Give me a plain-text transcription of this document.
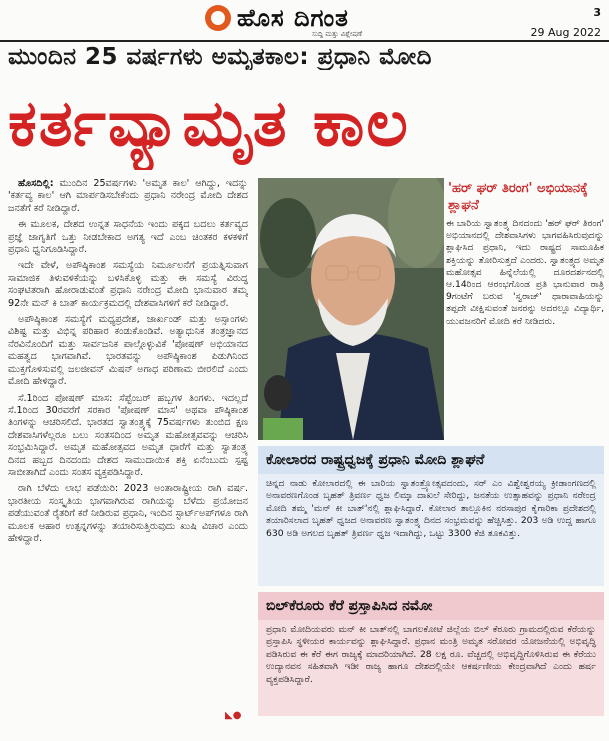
ಹೊಸ ದಿಗಂತ
ಸುದ್ದಿ ಮತ್ತು ವಿಶ್ಲೇಷಣೆ
3
29 Aug 2022
ಮುಂದಿನ 25 ವರ್ಷಗಳು ಅಮೃತಕಾಲ: ಪ್ರಧಾನಿ ಮೋದಿ
ಕರ್ತವ್ಯಾಮೃತ ಕಾಲ

ಹೊಸದಿಲ್ಲಿ: ಮುಂದಿನ 25ವರ್ಷಗಳು 'ಅಮೃತ ಕಾಲ' ಆಗಿದ್ದು, ಇದನ್ನು 'ಕರ್ತವ್ಯ ಕಾಲ' ಆಗಿ ಮಾರ್ಪಡಿಸಬೇಕೆಂದು ಪ್ರಧಾನಿ ನರೇಂದ್ರ ಮೋದಿ ದೇಶದ ಜನತೆಗೆ ಕರೆ ನೀಡಿದ್ದಾರೆ.

ಈ ಮೂಲಕ, ದೇಶದ ಉನ್ನತ ಸಾಧನೆಯ ಇಂದು ಪಕ್ಕದ ಬದಲು ಕರ್ತವ್ಯದ ಪ್ರಜ್ಞೆ ಜಾಗೃತಿಗೆ ಒತ್ತು ನೀಡಬೇಕಾದ ಅಗತ್ಯ ಇದೆ ಎಂಬ ಚಿಂತಕರ ಕಳಕಳಿಗೆ ಪ್ರಧಾನಿ ಧ್ವನಿಗೂಡಿಸಿದ್ದಾರೆ.

ಇದೇ ವೇಳೆ, ಅಪೌಷ್ಠಿಕಾಂಶ ಸಮಸ್ಯೆಯ ನಿರ್ಮೂಲನೆಗೆ ಪ್ರಯತ್ನಿಸುವಾಗ ಸಾಮಾಜಿಕ ತಿಳುವಳಿಕೆಯನ್ನು ಬಳಸಿಕೊಳ್ಳಿ ಮತ್ತು ಈ ಸಮಸ್ಯೆ ವಿರುದ್ಧ ಸಂಘಟಿತರಾಗಿ ಹೋರಾಡುವಂತೆ ಪ್ರಧಾನಿ ನರೇಂದ್ರ ಮೋದಿ ಭಾನುವಾರ ತಮ್ಮ 92ನೇ ಮನ್ ಕಿ ಬಾತ್ ಕಾರ್ಯಕ್ರಮದಲ್ಲಿ ದೇಶವಾಸಿಗಳಿಗೆ ಕರೆ ನೀಡಿದ್ದಾರೆ.

ಅಪೌಷ್ಠಿಕಾಂಶ ಸಮಸ್ಯೆಗೆ ಮಧ್ಯಪ್ರದೇಶ, ಜಾರ್ಖಂಡ್ ಮತ್ತು ಅಸ್ಸಾಂಗಳು ವಿಶಿಷ್ಟ ಮತ್ತು ವಿಭಿನ್ನ ಪರಿಹಾರ ಕಂಡುಕೊಂಡಿವೆ. ಅತ್ಯಾಧುನಿಕ ತಂತ್ರಜ್ಞಾನದ ನೆರವಿನೊಂದಿಗೆ ಮತ್ತು ಸಾರ್ವಜನಿಕ ಪಾಲ್ಗೊಳ್ಳುವಿಕೆ 'ಪೋಷಣ್ ಅಭಿಯಾನದ ಮಹತ್ವದ ಭಾಗವಾಗಿವೆ. ಭಾರತವನ್ನು ಅಪೌಷ್ಠಿಕಾಂಶ ಪಿಡುಗಿನಿಂದ ಮುಕ್ತಗೊಳಿಸುವಲ್ಲಿ ಜಲಜೀವನ್ ಮಿಷನ್ ಅಗಾಧ ಪರಿಣಾಮ ಬೀರಲಿದೆ ಎಂದು ಮೋದಿ ಹೇಳಿದ್ದಾರೆ.

ಸೆ.1ರಿಂದ ಪೋಷಣ್ ಮಾಸ: ಸೆಪ್ಟೆಂಬರ್ ಹಬ್ಬಗಳ ತಿಂಗಳು. ಇದಲ್ಲದೆ ಸೆ.1ರಿಂದ 30ರವರೆಗೆ ಸರಕಾರ 'ಪೋಷಣ್ ಮಾಸ' ಅಥವಾ ಪೌಷ್ಠಿಕಾಂಶ ತಿಂಗಳನ್ನು ಆಚರಿಸಲಿದೆ. ಭಾರತದ ಸ್ವಾತಂತ್ರ್ಯಕ್ಕೆ 75ವರ್ಷಗಳು ತುಂಬಿದ ಕ್ಷಣ ದೇಶವಾಸಿಗಳೆಲ್ಲರೂ ಬಲು ಸಂತಸದಿಂದ ಅಮೃತ ಮಹೋತ್ಸವವನ್ನು ಆಚರಿಸಿ ಸಂಭ್ರಮಿಸಿದ್ದಾರೆ. ಅಮೃತ ಮಹೋತ್ಸವದ ಅಮೃತ ಧಾರೆಗೆ ಮತ್ತು ಸ್ವಾತಂತ್ರ್ಯ ದಿನದ ಹಬ್ಬದ ದಿನದಂದು ದೇಶದ ಸಾಮುದಾಯಿಕ ಶಕ್ತಿ ಏನೆಂಬುದು ಸ್ಪಷ್ಟ ಸಾಬೀತಾಗಿದೆ ಎಂದು ಸಂತಸ ವ್ಯಕ್ತಪಡಿಸಿದ್ದಾರೆ.

ರಾಗಿ ಬೆಳೆದು ಲಾಭ ಪಡೆಯಿರಿ: 2023 ಅಂತಾರಾಷ್ಟ್ರೀಯ ರಾಗಿ ವರ್ಷ. ಭಾರತೀಯ ಸಂಸ್ಕೃತಿಯ ಭಾಗವಾಗಿರುವ ರಾಗಿಯನ್ನು ಬೆಳೆದು ಪ್ರಯೋಜನ ಪಡೆಯುವಂತೆ ರೈತರಿಗೆ ಕರೆ ನೀಡಿರುವ ಪ್ರಧಾನಿ, ಇಂದಿನ ಸ್ಟಾರ್ಟ್‌ಅಪ್‌ಗಳೂ ರಾಗಿ ಮೂಲಕ ಆಹಾರ ಉತ್ಪನ್ನಗಳನ್ನು ತಯಾರಿಸುತ್ತಿರುವುದು ಖುಷಿ ವಿಚಾರ ಎಂದು ಹೇಳಿದ್ದಾರೆ.

◣●
'ಹರ್ ಘರ್ ತಿರಂಗ' ಅಭಿಯಾನಕ್ಕೆ ಶ್ಲಾಘನೆ
ಈ ಬಾರಿಯ ಸ್ವಾತಂತ್ರ್ಯ ದಿನದಂದು 'ಹರ್ ಘರ್ ತಿರಂಗ' ಅಭಿಯಾನದಲ್ಲಿ ದೇಶವಾಸಿಗಳು ಭಾಗವಹಿಸಿರುವುದನ್ನು ಶ್ಲಾಘಿಸಿದ ಪ್ರಧಾನಿ, ಇದು ರಾಷ್ಟ್ರದ ಸಾಮೂಹಿಕ ಶಕ್ತಿಯನ್ನು ತೋರಿಸುತ್ತದೆ ಎಂದರು. ಸ್ವಾತಂತ್ರ್ಯದ ಅಮೃತ ಮಹೋತ್ಸವ ಹಿನ್ನೆಲೆಯಲ್ಲಿ ದೂರದರ್ಶನದಲ್ಲಿ ಆ.14ರಿಂದ ಆರಂಭಗೊಂಡ ಪ್ರತಿ ಭಾನುವಾರ ರಾತ್ರಿ 9ಗಂಟೆಗೆ ಬರುವ 'ಸ್ವರಾಜ್' ಧಾರಾವಾಹಿಯನ್ನು ತಪ್ಪದೇ ವೀಕ್ಷಿಸುವಂತೆ ಜನರನ್ನು ಅದರಲ್ಲೂ ವಿದ್ಯಾರ್ಥಿ, ಯುವಜನರಿಗೆ ಮೋದಿ ಕರೆ ನೀಡಿದರು.
ಕೋಲಾರದ ರಾಷ್ಟ್ರಧ್ವಜಕ್ಕೆ ಪ್ರಧಾನಿ ಮೋದಿ ಶ್ಲಾಘನೆ
ಚಿನ್ನದ ನಾಡು ಕೋಲಾರದಲ್ಲಿ ಈ ಬಾರಿಯ ಸ್ವಾತಂತ್ರ್ಯೋತ್ಸವದಂದು, ಸರ್ ಎಂ ವಿಶ್ವೇಶ್ವರಯ್ಯ ಕ್ರೀಡಾಂಗಣದಲ್ಲಿ ಅನಾವರಣಗೊಂಡ ಬೃಹತ್ ತ್ರಿವರ್ಣ ಧ್ವಜ ಲಿಮ್ಕಾ ದಾಖಲೆ ಸೇರಿದ್ದು, ಜನತೆಯ ಉತ್ಸಾಹವನ್ನು ಪ್ರಧಾನಿ ನರೇಂದ್ರ ಮೋದಿ ತಮ್ಮ 'ಮನ್ ಕೀ ಬಾತ್'ನಲ್ಲಿ ಶ್ಲಾಘಿಸಿದ್ದಾರೆ. ಕೋಲಾರ ತಾಲ್ಲೂಕಿನ ನರಸಾಪುರ ಕೈಗಾರಿಕಾ ಪ್ರದೇಶದಲ್ಲಿ ತಯಾರಿಸಲಾದ ಬೃಹತ್ ಧ್ವಜದ ಅನಾವರಣ ಸ್ವಾತಂತ್ರ್ಯ ದಿನದ ಸಂಭ್ರಮವನ್ನು ಹೆಚ್ಚಿಸಿತ್ತು. 203 ಅಡಿ ಉದ್ದ ಹಾಗೂ 630 ಅಡಿ ಅಗಲದ ಬೃಹತ್ ತ್ರಿವರ್ಣ ಧ್ವಜ ಇದಾಗಿದ್ದು, ಒಟ್ಟು 3300 ಕೆಜಿ ತೂಕವಿತ್ತು.
ಬಿಲ್‌ಕೆರೂರು ಕೆರೆ ಪ್ರಸ್ತಾಪಿಸಿದ ನಮೋ
ಪ್ರಧಾನಿ ಮೋದಿಯವರು ಮನ್ ಕೀ ಬಾತ್‌ನಲ್ಲಿ ಬಾಗಲಕೋಟೆ ಜಿಲ್ಲೆಯ ಬಿಲ್ ಕೆರೂರು ಗ್ರಾಮದಲ್ಲಿರುವ ಕೆರೆಯನ್ನು ಪ್ರಸ್ತಾಪಿಸಿ ಸ್ಥಳೀಯರ ಕಾರ್ಯವನ್ನು ಶ್ಲಾಘಿಸಿದ್ದಾರೆ. ಪ್ರಧಾನ ಮಂತ್ರಿ ಅಮೃತ ಸರೋವರ ಯೋಜನೆಯಲ್ಲಿ ಅಭಿವೃದ್ಧಿ ಪಡಿಸಿರುವ ಈ ಕೆರೆ ಈಗ ರಾಜ್ಯಕ್ಕೆ ಮಾದರಿಯಾಗಿದೆ. 28 ಲಕ್ಷ ರೂ. ವೆಚ್ಚದಲ್ಲಿ ಅಭಿವೃದ್ಧಿಗೊಳಿಸಿರುವ ಈ ಕೆರೆಯು ಉದ್ಯಾನವನ ಸಹಿತವಾಗಿ ಇಡೀ ರಾಜ್ಯ ಹಾಗೂ ದೇಶದಲ್ಲಿಯೇ ಆಕರ್ಷಣೀಯ ಕೇಂದ್ರವಾಗಿದೆ ಎಂದು ಹರ್ಷ ವ್ಯಕ್ತಪಡಿಸಿದ್ದಾರೆ.
